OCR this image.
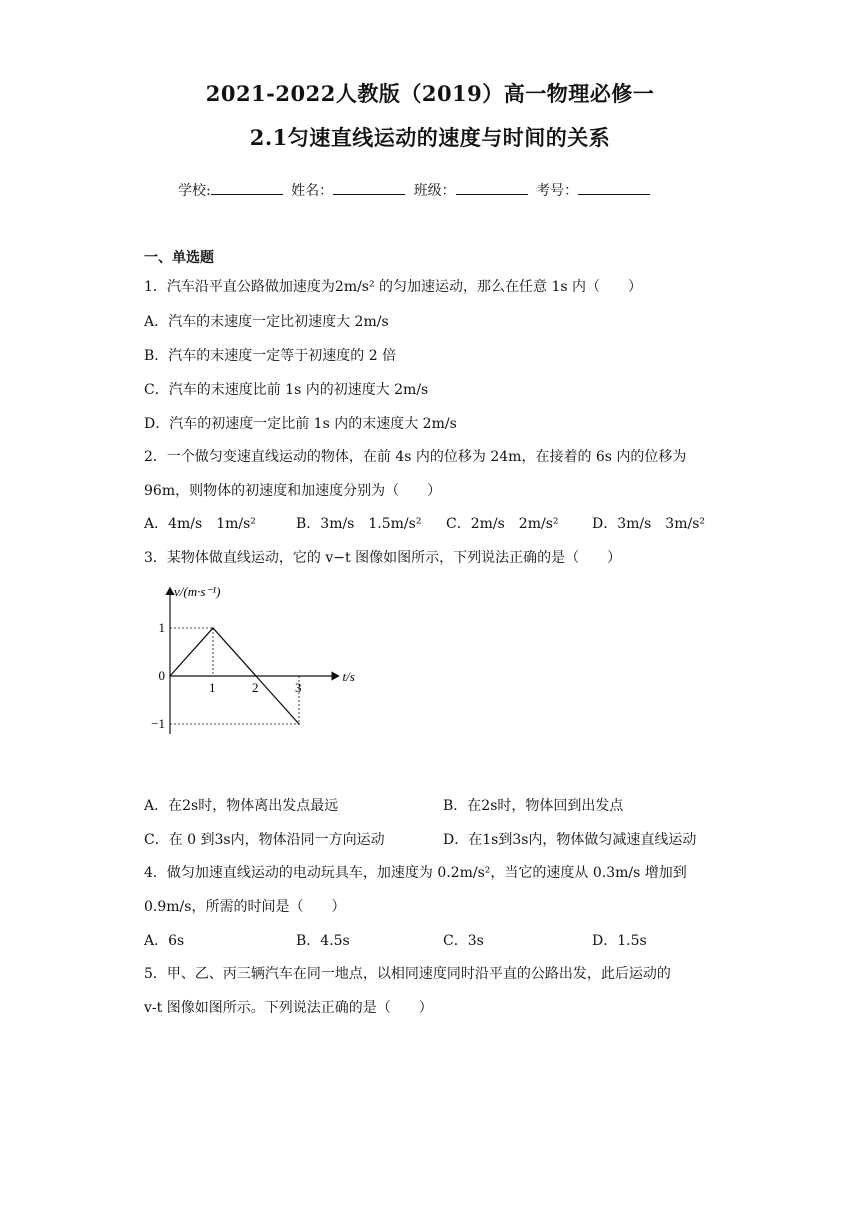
2021-2022人教版（2019）高一物理必修一
2.1匀速直线运动的速度与时间的关系
学校:	姓名：	班级：	考号：
一、单选题
1．汽车沿平直公路做加速度为2m/s² 的匀加速运动，那么在任意 1s 内（　　）
A．汽车的末速度一定比初速度大 2m/s
B．汽车的末速度一定等于初速度的 2 倍
C．汽车的末速度比前 1s 内的初速度大 2m/s
D．汽车的初速度一定比前 1s 内的末速度大 2m/s
2．一个做匀变速直线运动的物体，在前 4s 内的位移为 24m，在接着的 6s 内的位移为
96m，则物体的初速度和加速度分别为（　　）
A．4m/s　1m/s²	B．3m/s　1.5m/s² C．2m/s　2m/s² D．3m/s　3m/s²
3．某物体做直线运动，它的 v−t 图像如图所示，下列说法正确的是（　　）
v/(m·s⁻¹)
t/s
1	2	3
1
0
−1
A．在2s时，物体离出发点最远	B．在2s时，物体回到出发点
C．在 0 到3s内，物体沿同一方向运动	D．在1s到3s内，物体做匀减速直线运动
4．做匀加速直线运动的电动玩具车，加速度为 0.2m/s²，当它的速度从 0.3m/s 增加到
0.9m/s，所需的时间是（　　）
A．6s	B．4.5s	C．3s	D．1.5s
5．甲、乙、丙三辆汽车在同一地点，以相同速度同时沿平直的公路出发，此后运动的
v-t 图像如图所示。下列说法正确的是（　　）
